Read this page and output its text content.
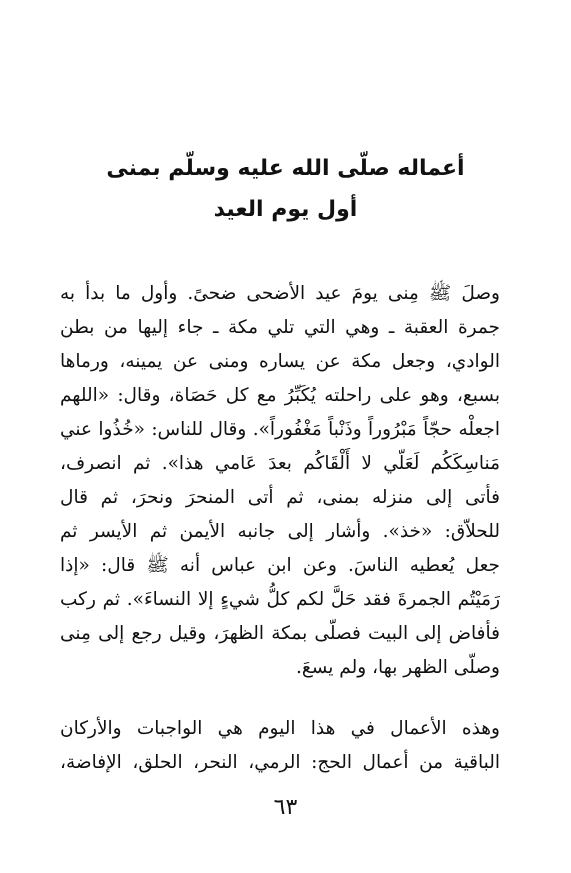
أعماله صلّى الله عليه وسلّم بمنى
أول يوم العيد
وصلَ ﷺ مِنى يومَ عيد الأضحى ضحىً. وأول ما بدأ به
جمرة العقبة ـ وهي التي تلي مكة ـ جاء إليها من بطن
الوادي، وجعل مكة عن يساره ومنى عن يمينه، ورماها
بسبع، وهو على راحلته يُكَبِّرُ مع كل حَصَاة، وقال: «اللهم
اجعلْه حجّاً مَبْرُوراً وذَنْباً مَغْفُوراً». وقال للناس: «خُذُوا عني
مَناسِكَكُم لَعَلّي لا أَلْقَاكُم بعدَ عَامي هذا». ثم انصرف،
فأتى إلى منزله بمنى، ثم أتى المنحرَ ونحرَ، ثم قال
للحلاّق: «خذ». وأشار إلى جانبه الأيمن ثم الأيسر ثم
جعل يُعطيه الناسَ. وعن ابن عباس أنه ﷺ قال: «إذا
رَمَيْتُم الجمرةَ فقد حَلَّ لكم كلُّ شيءٍ إلا النساءَ». ثم ركب
فأفاض إلى البيت فصلّى بمكة الظهرَ، وقيل رجع إلى مِنى
وصلّى الظهر بها، ولم يسعَ.
وهذه الأعمال في هذا اليوم هي الواجبات والأركان
الباقية من أعمال الحج: الرمي، النحر، الحلق، الإفاضة،
٦٣
